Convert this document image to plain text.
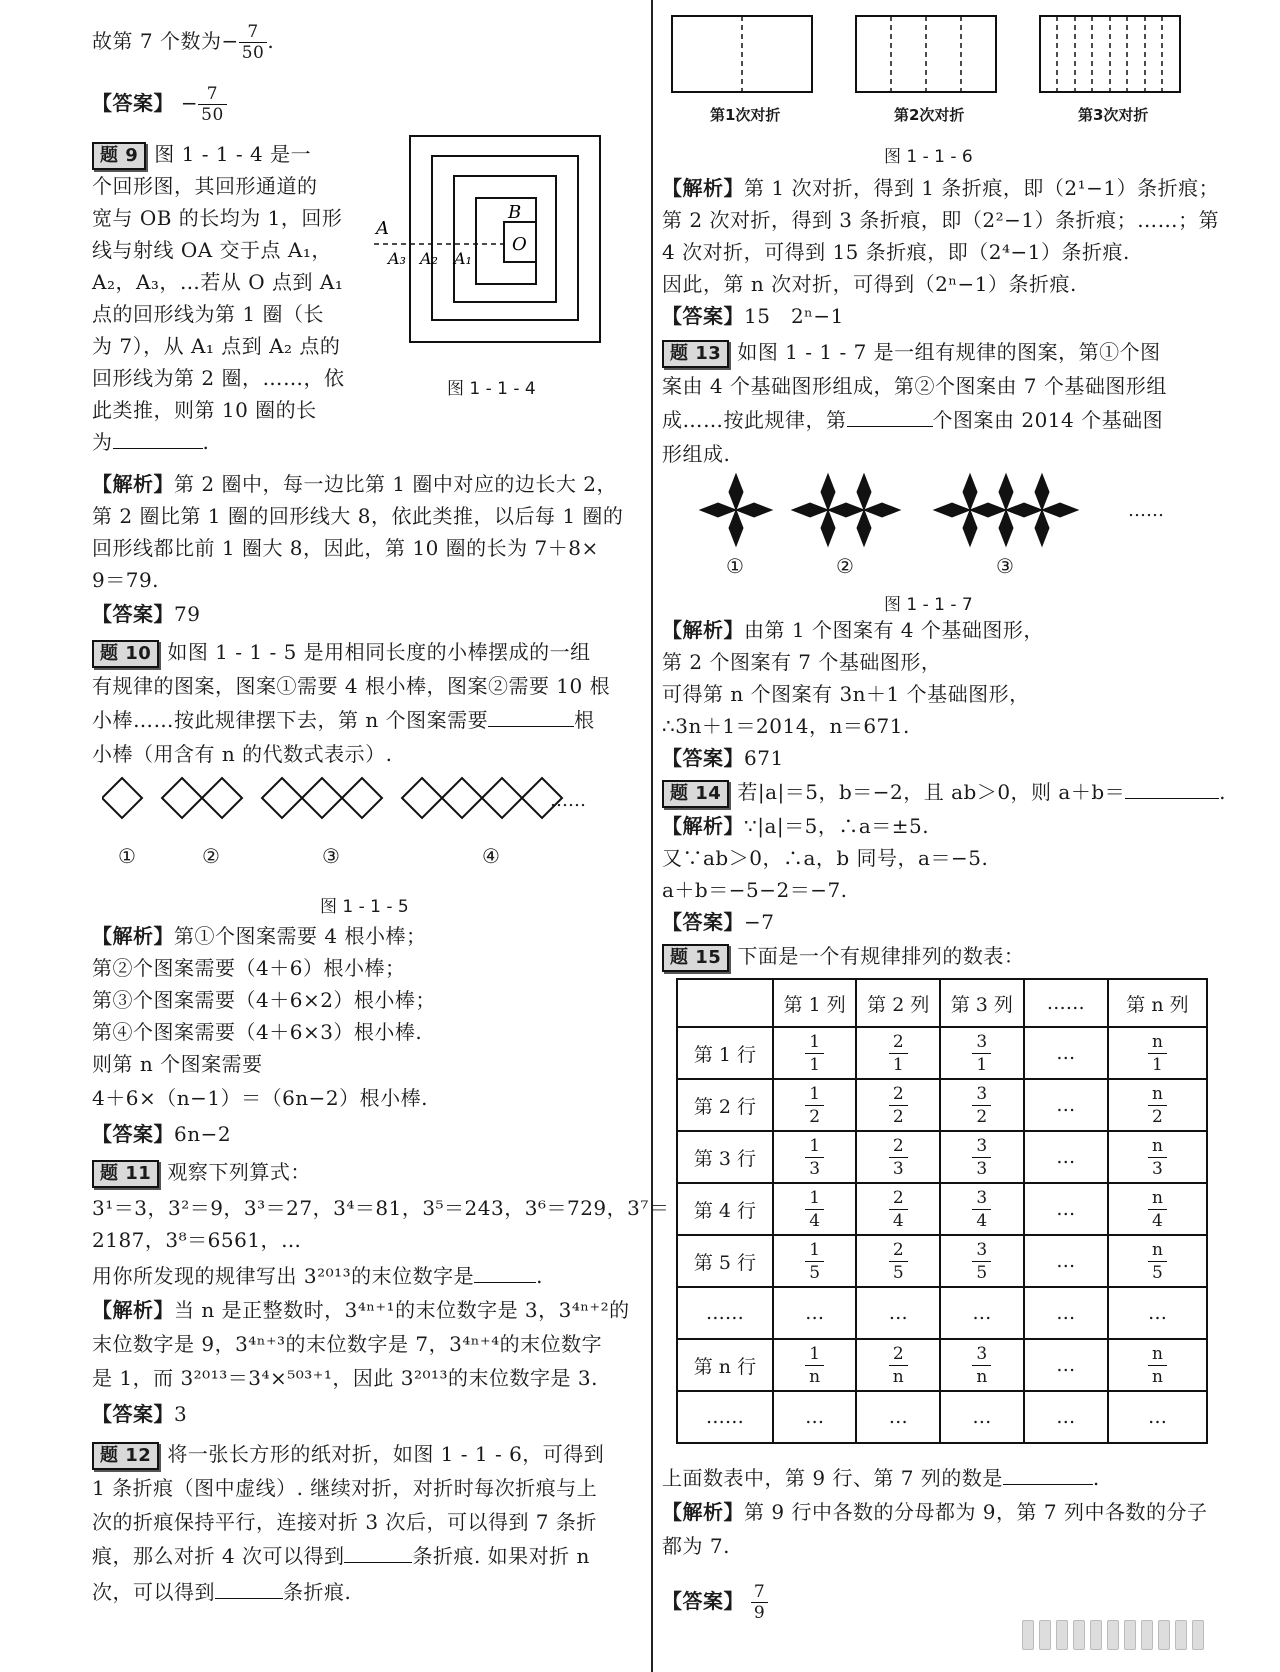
故第 7 个数为− $\frac{7}{50}$ .
【答案】 − $\frac{7}{50}$
题 9 图 1 - 1 - 4 是一
个回形图，其回形通道的
宽与 OB 的长均为 1，回形
线与射线 OA 交于点 A₁，
A₂，A₃，…若从 O 点到 A₁
点的回形线为第 1 圈（长
为 7），从 A₁ 点到 A₂ 点的
回形线为第 2 圈，……，依
此类推，则第 10 圈的长
为	.
A
B
O
A₃ A₂ A₁
图 1 - 1 - 4
【解析】第 2 圈中，每一边比第 1 圈中对应的边长大 2，
第 2 圈比第 1 圈的回形线大 8，依此类推，以后每 1 圈的
回形线都比前 1 圈大 8，因此，第 10 圈的长为 7＋8×
9＝79.
【答案】79
题 10 如图 1 - 1 - 5 是用相同长度的小棒摆成的一组
有规律的图案，图案①需要 4 根小棒，图案②需要 10 根
小棒……按此规律摆下去，第 n 个图案需要	根
小棒（用含有 n 的代数式表示）.
……
①	②	③	④
图 1 - 1 - 5
【解析】第①个图案需要 4 根小棒；
第②个图案需要（4＋6）根小棒；
第③个图案需要（4＋6×2）根小棒；
第④个图案需要（4＋6×3）根小棒.
则第 n 个图案需要
4＋6×（n−1）＝（6n−2）根小棒.
【答案】6n−2
题 11 观察下列算式：
3¹＝3，3²＝9，3³＝27，3⁴＝81，3⁵＝243，3⁶＝729，3⁷＝
2187，3⁸＝6561，…
用你所发现的规律写出 3²⁰¹³的末位数字是	.
【解析】当 n 是正整数时，3⁴ⁿ⁺¹的末位数字是 3，3⁴ⁿ⁺²的
末位数字是 9，3⁴ⁿ⁺³的末位数字是 7，3⁴ⁿ⁺⁴的末位数字
是 1，而 3²⁰¹³＝3⁴×⁵⁰³⁺¹，因此 3²⁰¹³的末位数字是 3.
【答案】3
题 12 将一张长方形的纸对折，如图 1 - 1 - 6，可得到
1 条折痕（图中虚线）. 继续对折，对折时每次折痕与上
次的折痕保持平行，连接对折 3 次后，可以得到 7 条折
痕，那么对折 4 次可以得到	条折痕. 如果对折 n
次，可以得到	条折痕.
第1次对折	第2次对折	第3次对折
图 1 - 1 - 6
【解析】第 1 次对折，得到 1 条折痕，即（2¹−1）条折痕；
第 2 次对折，得到 3 条折痕，即（2²−1）条折痕；……；第
4 次对折，可得到 15 条折痕，即（2⁴−1）条折痕.
因此，第 n 次对折，可得到（2ⁿ−1）条折痕.
【答案】15　2ⁿ−1
题 13 如图 1 - 1 - 7 是一组有规律的图案，第①个图
案由 4 个基础图形组成，第②个图案由 7 个基础图形组
成……按此规律，第	个图案由 2014 个基础图
形组成.
……
①	②	③
图 1 - 1 - 7
【解析】由第 1 个图案有 4 个基础图形，
第 2 个图案有 7 个基础图形，
可得第 n 个图案有 3n＋1 个基础图形，
∴3n＋1＝2014，n＝671.
【答案】671
题 14 若|a|＝5，b＝−2，且 ab＞0，则 a＋b＝	.
【解析】∵|a|＝5，∴a＝±5.
又∵ab＞0，∴a，b 同号，a＝−5.
a＋b＝−5−2＝−7.
【答案】−7
题 15 下面是一个有规律排列的数表：
	第 1 列	第 2 列	第 3 列	……	第 n 列
第 1 行	$\frac{1}{1}$	$\frac{2}{1}$	$\frac{3}{1}$	…	$\frac{n}{1}$

第 2 行	$\frac{1}{2}$	$\frac{2}{2}$	$\frac{3}{2}$	…	$\frac{n}{2}$

第 3 行	$\frac{1}{3}$	$\frac{2}{3}$	$\frac{3}{3}$	…	$\frac{n}{3}$

第 4 行	$\frac{1}{4}$	$\frac{2}{4}$	$\frac{3}{4}$	…	$\frac{n}{4}$

第 5 行	$\frac{1}{5}$	$\frac{2}{5}$	$\frac{3}{5}$	…	$\frac{n}{5}$

……	…	…	…	…	…
第 n 行	$\frac{1}{n}$	$\frac{2}{n}$	$\frac{3}{n}$	…	$\frac{n}{n}$

……	…	…	…	…	…
上面数表中，第 9 行、第 7 列的数是	.
【解析】第 9 行中各数的分母都为 9，第 7 列中各数的分子
都为 7.
【答案】 $\frac{7}{9}$
